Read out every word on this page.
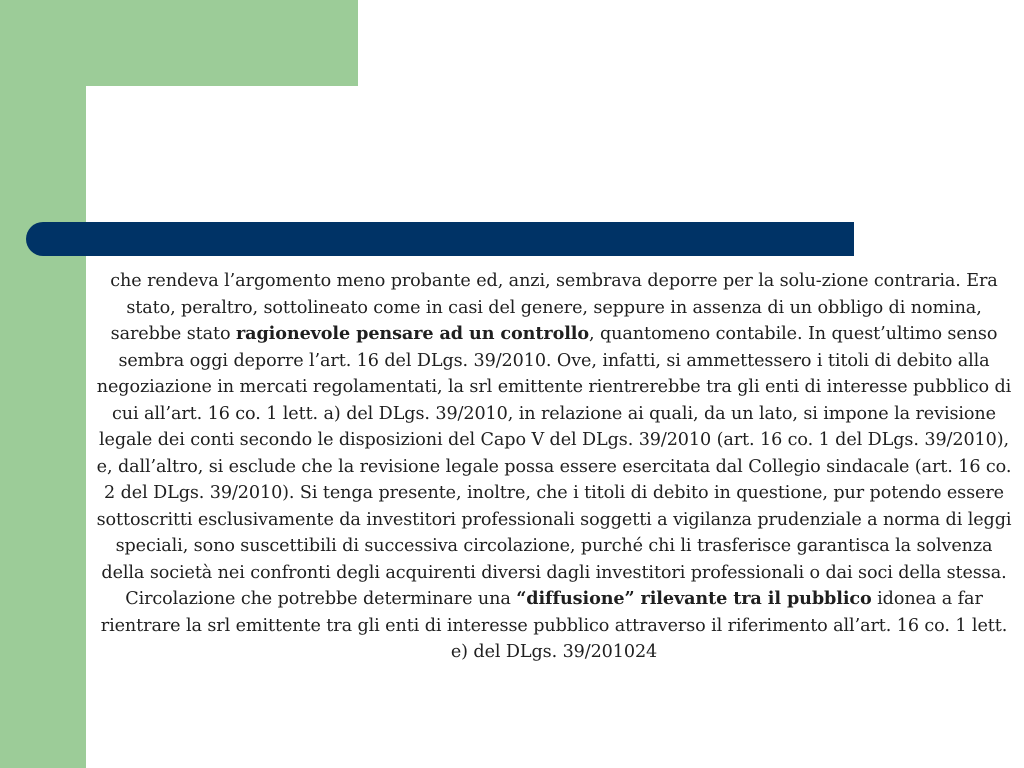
che rendeva l’argomento meno probante ed, anzi, sembrava deporre per la solu-zione contraria. Era stato, peraltro, sottolineato come in casi del genere, seppure in assenza di un obbligo di nomina, sarebbe stato ragionevole pensare ad un controllo, quantomeno contabile. In quest’ultimo senso sembra oggi deporre l’art. 16 del DLgs. 39/2010. Ove, infatti, si ammettessero i titoli di debito alla negoziazione in mercati regolamentati, la srl emittente rientrerebbe tra gli enti di interesse pubblico di cui all’art. 16 co. 1 lett. a) del DLgs. 39/2010, in relazione ai quali, da un lato, si impone la revisione legale dei conti secondo le disposizioni del Capo V del DLgs. 39/2010 (art. 16 co. 1 del DLgs. 39/2010), e, dall’altro, si esclude che la revisione legale possa essere esercitata dal Collegio sindacale (art. 16 co. 2 del DLgs. 39/2010). Si tenga presente, inoltre, che i titoli di debito in questione, pur potendo essere sottoscritti esclusivamente da investitori professionali soggetti a vigilanza prudenziale a norma di leggi speciali, sono suscettibili di successiva circolazione, purché chi li trasferisce garantisca la solvenza della società nei confronti degli acquirenti diversi dagli investitori professionali o dai soci della stessa. Circolazione che potrebbe determinare una “diffusione” rilevante tra il pubblico idonea a far rientrare la srl emittente tra gli enti di interesse pubblico attraverso il riferimento all’art. 16 co. 1 lett. e) del DLgs. 39/201024
